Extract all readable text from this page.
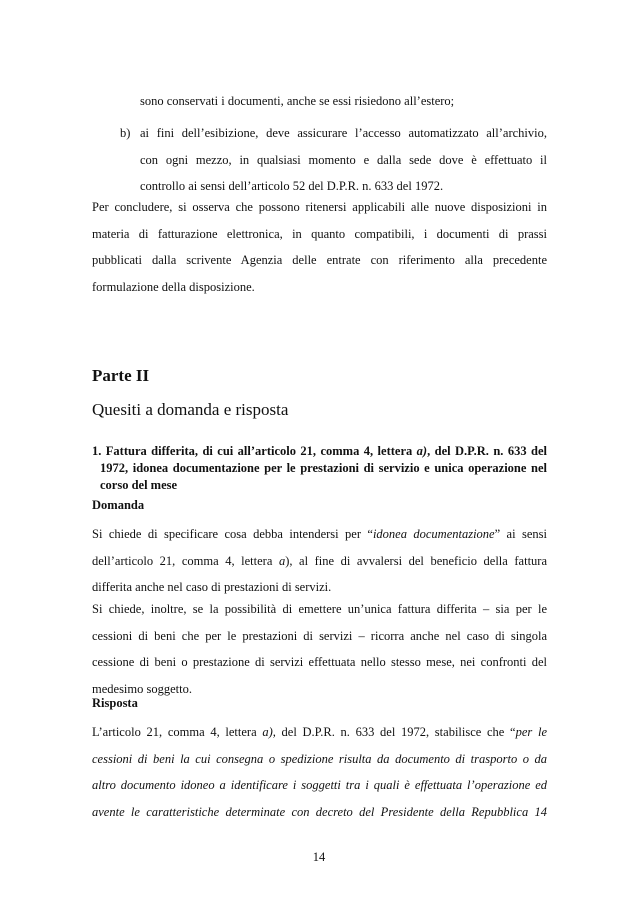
sono conservati i documenti, anche se essi risiedono all’estero;
b) ai fini dell’esibizione, deve assicurare l’accesso automatizzato all’archivio,
con ogni mezzo, in qualsiasi momento e dalla sede dove è effettuato il
controllo ai sensi dell’articolo 52 del D.P.R. n. 633 del 1972.
Per concludere, si osserva che possono ritenersi applicabili alle nuove disposizioni in
materia di fatturazione elettronica, in quanto compatibili, i documenti di prassi
pubblicati dalla scrivente Agenzia delle entrate con riferimento alla precedente
formulazione della disposizione.
Parte II
Quesiti a domanda e risposta
1. Fattura differita, di cui all’articolo 21, comma 4, lettera a), del D.P.R. n. 633 del
1972, idonea documentazione per le prestazioni di servizio e unica operazione nel
corso del mese
Domanda
Si chiede di specificare cosa debba intendersi per “idonea documentazione” ai sensi
dell’articolo 21, comma 4, lettera a), al fine di avvalersi del beneficio della fattura
differita anche nel caso di prestazioni di servizi.
Si chiede, inoltre, se la possibilità di emettere un’unica fattura differita – sia per le
cessioni di beni che per le prestazioni di servizi – ricorra anche nel caso di singola
cessione di beni o prestazione di servizi effettuata nello stesso mese, nei confronti del
medesimo soggetto.
Risposta
L’articolo 21, comma 4, lettera a), del D.P.R. n. 633 del 1972, stabilisce che “per le
cessioni di beni la cui consegna o spedizione risulta da documento di trasporto o da
altro documento idoneo a identificare i soggetti tra i quali è effettuata l’operazione ed
avente le caratteristiche determinate con decreto del Presidente della Repubblica 14
14
